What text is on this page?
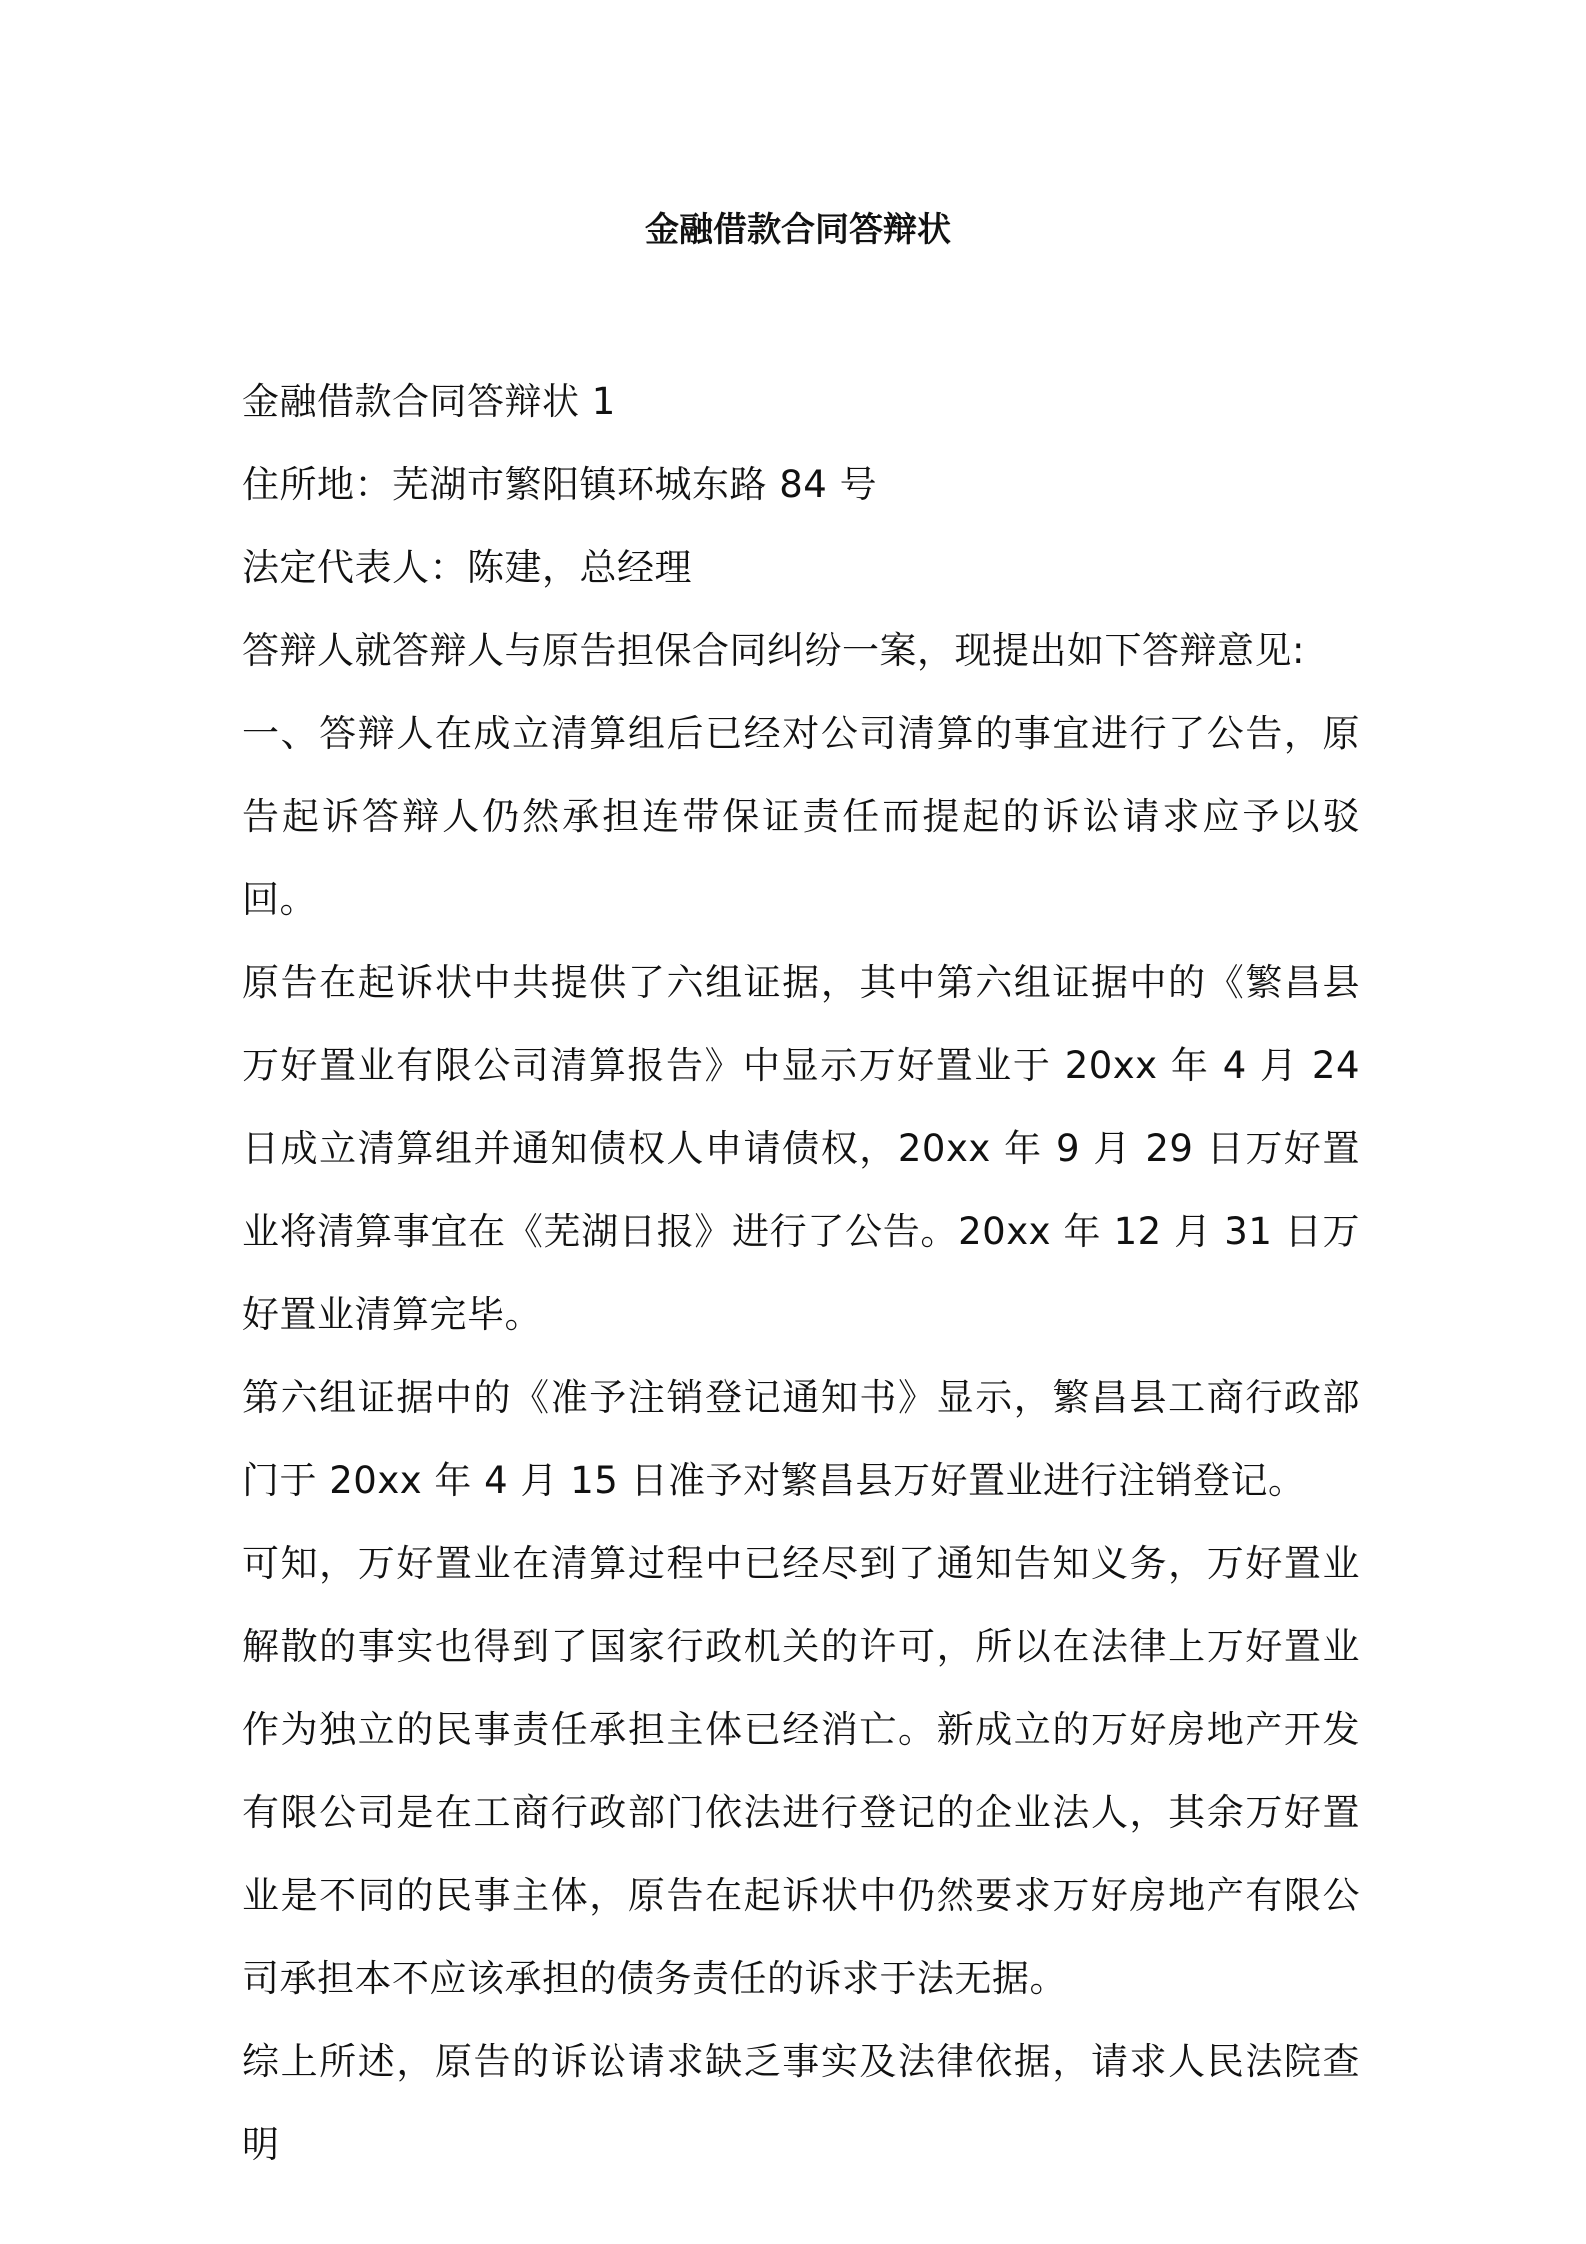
金融借款合同答辩状

金融借款合同答辩状 1

住所地：芜湖市繁阳镇环城东路 84 号

法定代表人：陈建，总经理

答辩人就答辩人与原告担保合同纠纷一案，现提出如下答辩意见:

一、答辩人在成立清算组后已经对公司清算的事宜进行了公告，原告起诉答辩人仍然承担连带保证责任而提起的诉讼请求应予以驳回。

原告在起诉状中共提供了六组证据，其中第六组证据中的《繁昌县万好置业有限公司清算报告》中显示万好置业于 20xx 年 4 月 24 日成立清算组并通知债权人申请债权，20xx 年 9 月 29 日万好置业将清算事宜在《芜湖日报》进行了公告。20xx 年 12 月 31 日万好置业清算完毕。

第六组证据中的《准予注销登记通知书》显示，繁昌县工商行政部门于 20xx 年 4 月 15 日准予对繁昌县万好置业进行注销登记。

可知，万好置业在清算过程中已经尽到了通知告知义务，万好置业解散的事实也得到了国家行政机关的许可，所以在法律上万好置业作为独立的民事责任承担主体已经消亡。新成立的万好房地产开发有限公司是在工商行政部门依法进行登记的企业法人，其余万好置业是不同的民事主体，原告在起诉状中仍然要求万好房地产有限公司承担本不应该承担的债务责任的诉求于法无据。

综上所述，原告的诉讼请求缺乏事实及法律依据，请求人民法院查明
